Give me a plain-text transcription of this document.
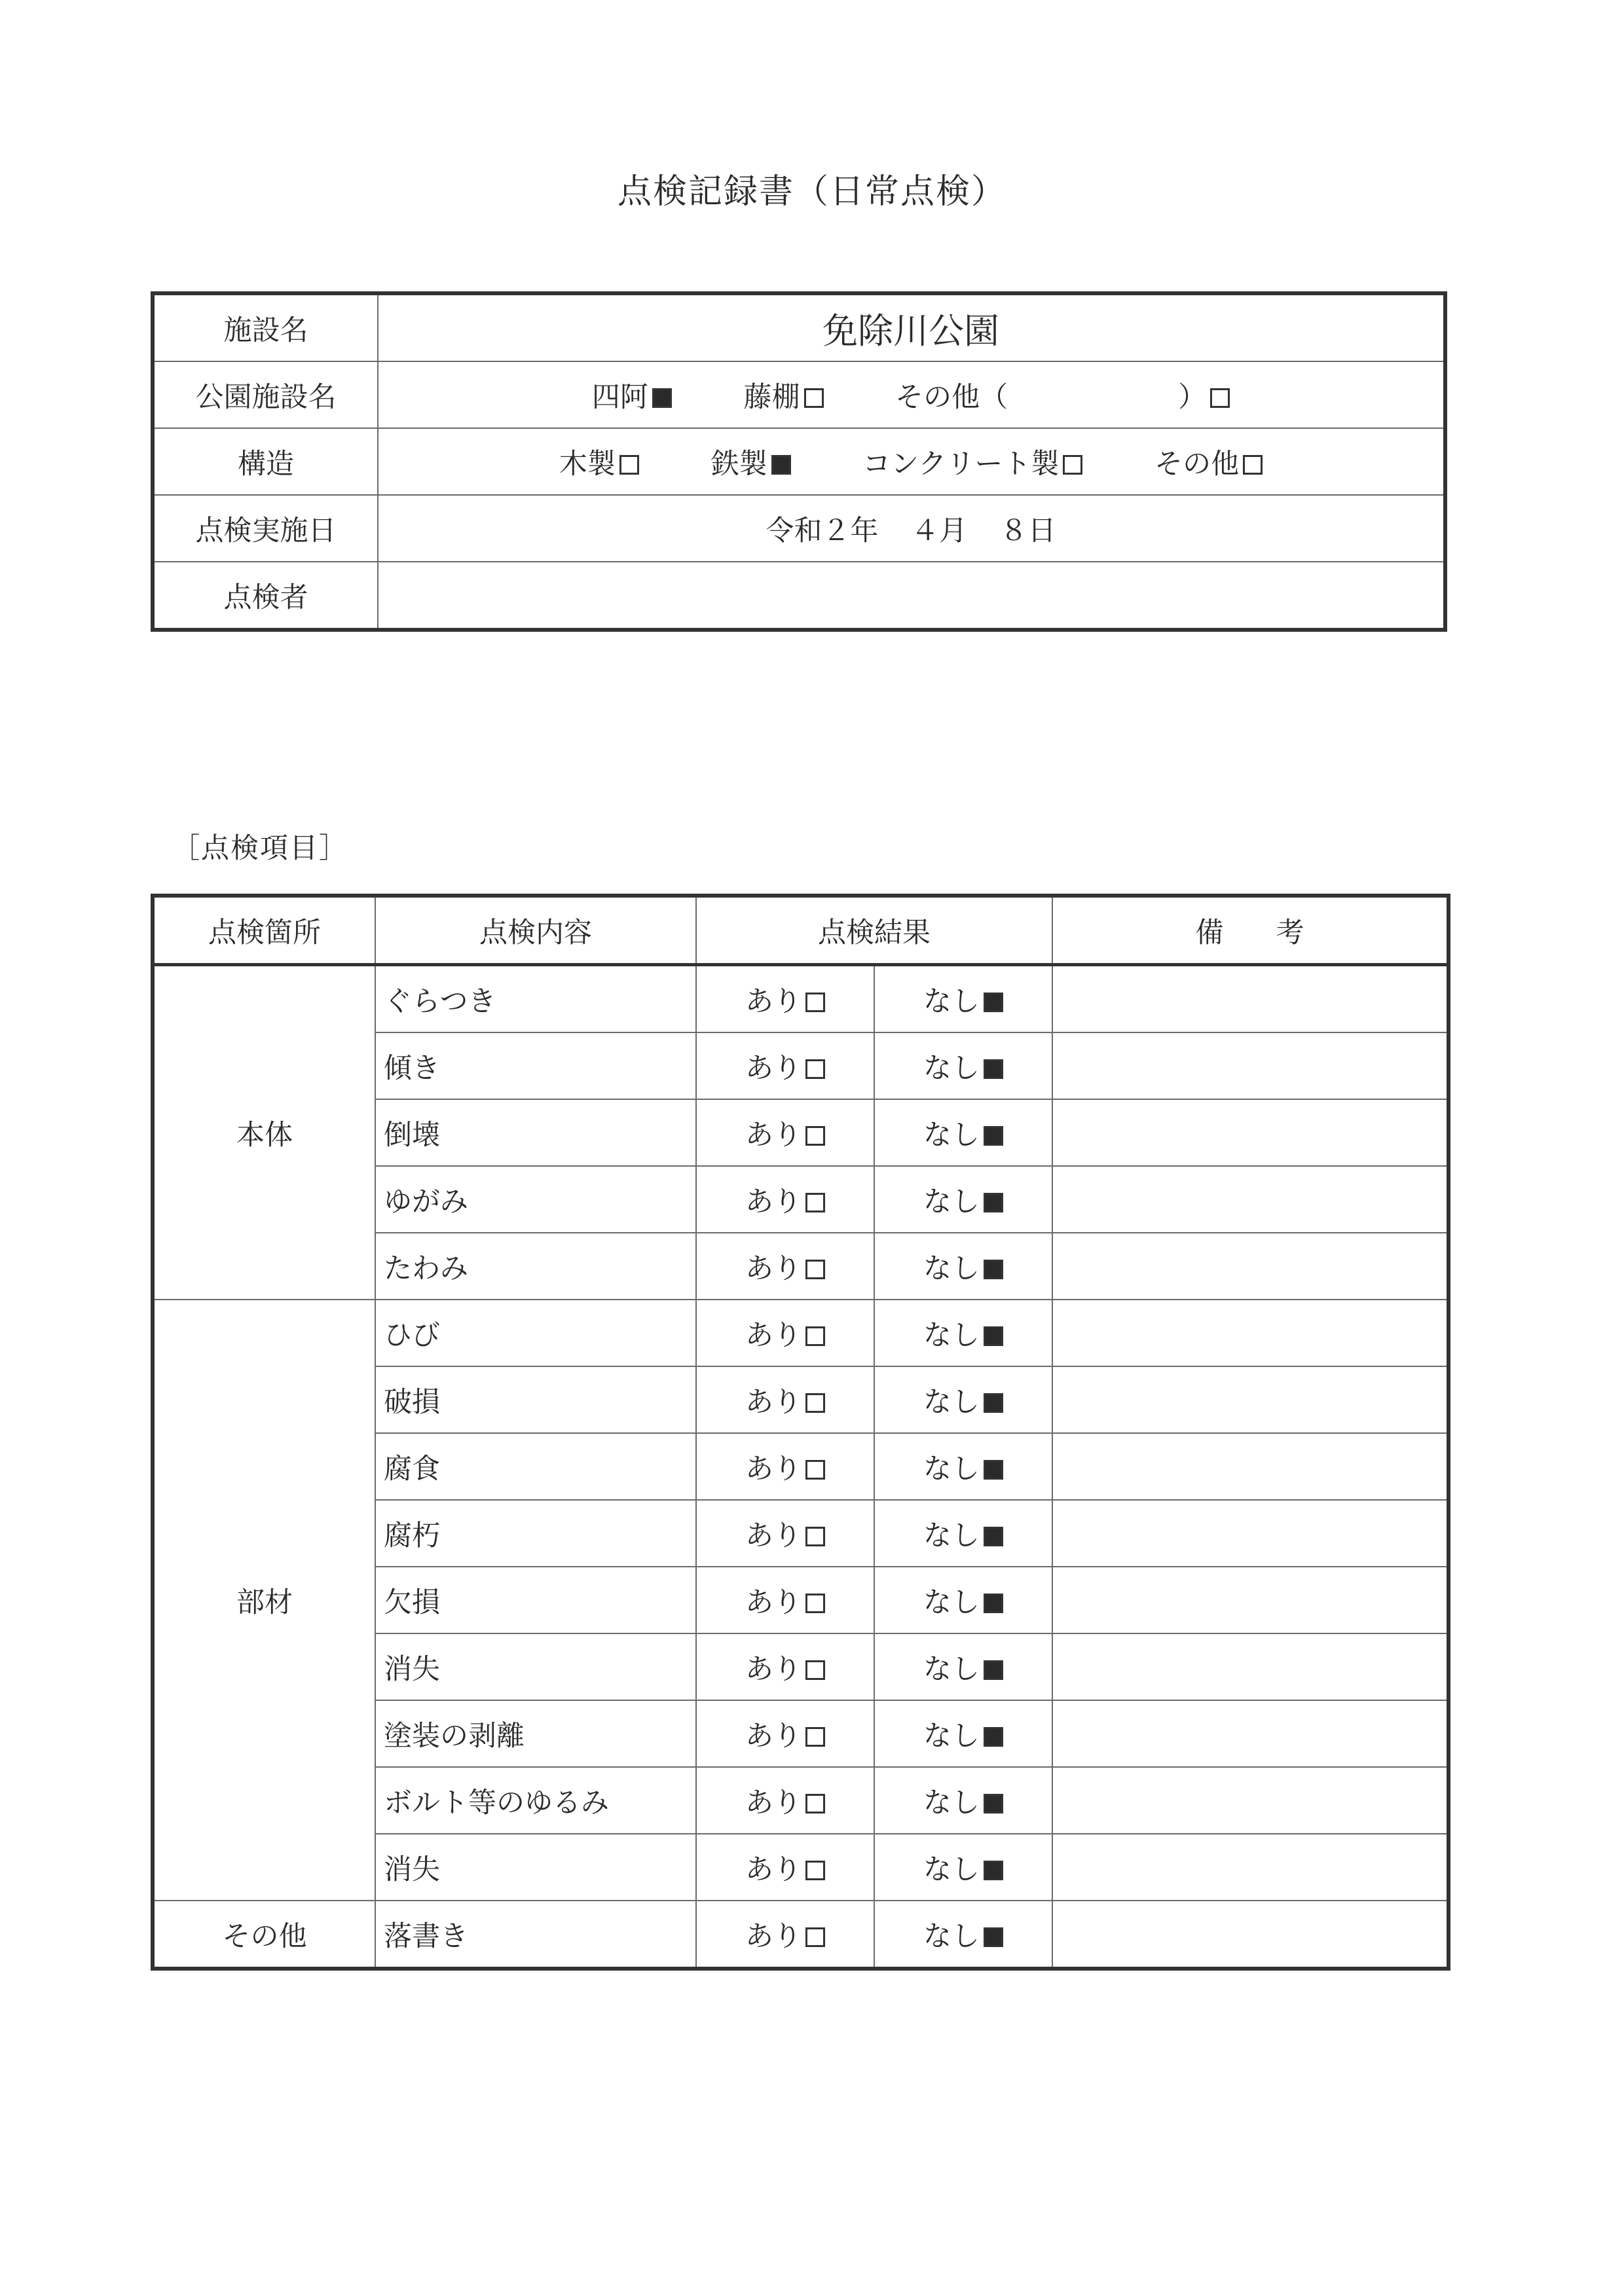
点検記録書（日常点検）
施設名	免除川公園
公園施設名	四阿 藤棚 その他（ ）
構造	木製 鉄製 コンクリート製 その他
点検実施日	令和２年 ４月 ８日
点検者	
［点検項目］
点検箇所	点検内容	点検結果		備 考
本体	ぐらつき	あり	なし	
	傾き	あり	なし	
	倒壊	あり	なし	
	ゆがみ	あり	なし	
	たわみ	あり	なし	
部材	ひび	あり	なし	
	破損	あり	なし	
	腐食	あり	なし	
	腐朽	あり	なし	
	欠損	あり	なし	
	消失	あり	なし	
	塗装の剥離	あり	なし	
	ボルト等のゆるみ	あり	なし	
	消失	あり	なし	
その他	落書き	あり	なし	
